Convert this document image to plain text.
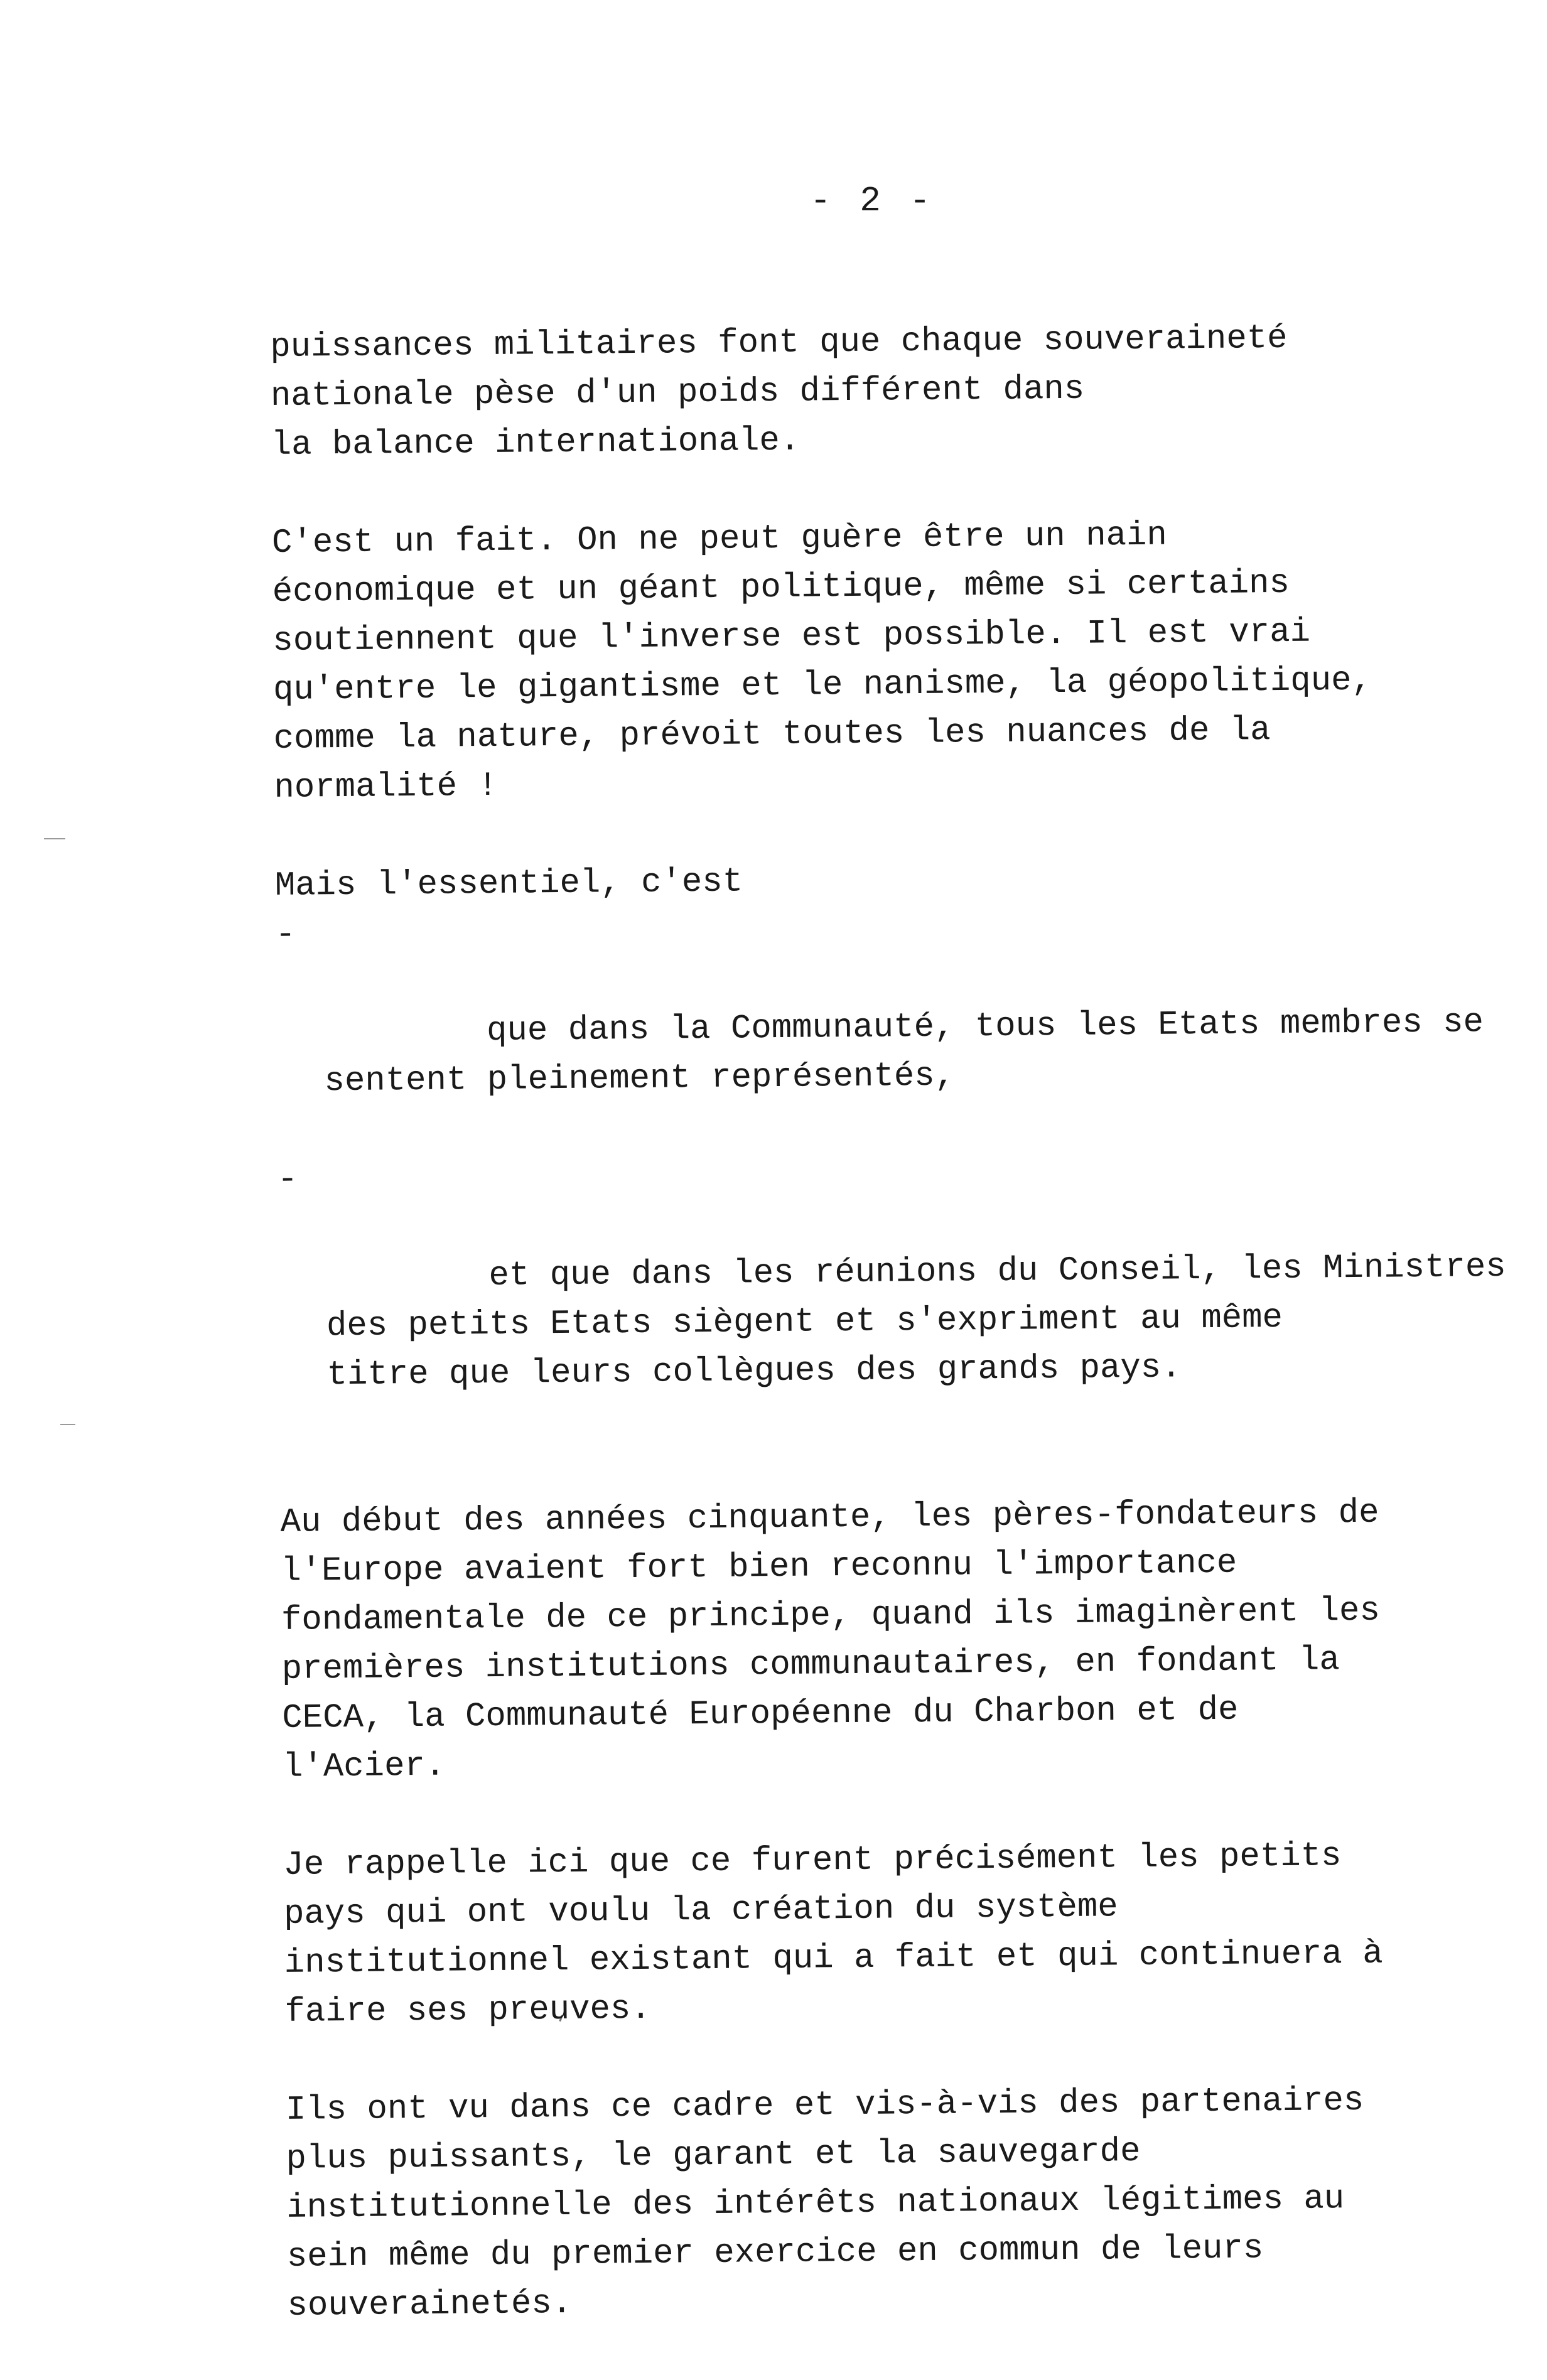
- 2 -

puissances militaires font que chaque souveraineté
nationale pèse d'un poids différent dans
la balance internationale.

C'est un fait. On ne peut guère être un nain
économique et un géant politique, même si certains
soutiennent que l'inverse est possible. Il est vrai
qu'entre le gigantisme et le nanisme, la géopolitique,
comme la nature, prévoit toutes les nuances de la
normalité !

Mais l'essentiel, c'est

-

que dans la Communauté, tous les Etats membres se
sentent pleinement représentés,

-

et que dans les réunions du Conseil, les Ministres
des petits Etats siègent et s'expriment au même
titre que leurs collègues des grands pays.

Au début des années cinquante, les pères-fondateurs de
l'Europe avaient fort bien reconnu l'importance
fondamentale de ce principe, quand ils imaginèrent les
premières institutions communautaires, en fondant la
CECA, la Communauté Européenne du Charbon et de
l'Acier.

Je rappelle ici que ce furent précisément les petits
pays qui ont voulu la création du système
institutionnel existant qui a fait et qui continuera à
faire ses preuves.

Ils ont vu dans ce cadre et vis-à-vis des partenaires
plus puissants, le garant et la sauvegarde
institutionnelle des intérêts nationaux légitimes au
sein même du premier exercice en commun de leurs
souverainetés.
